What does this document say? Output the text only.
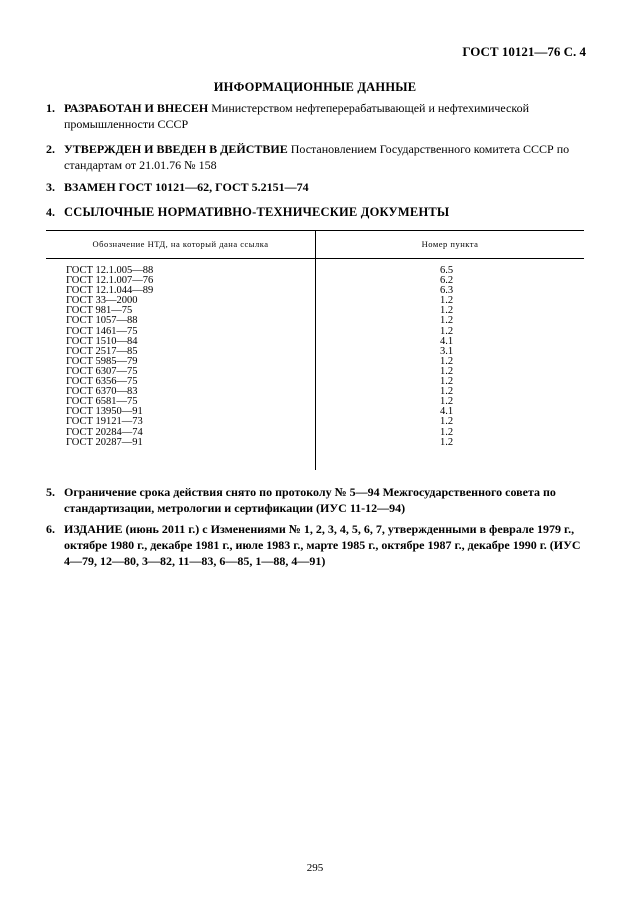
ГОСТ 10121—76 С. 4
ИНФОРМАЦИОННЫЕ ДАННЫЕ
1. РАЗРАБОТАН И ВНЕСЕН Министерством нефтеперерабатывающей и нефтехимической промышленности СССР
2. УТВЕРЖДЕН И ВВЕДЕН В ДЕЙСТВИЕ Постановлением Государственного комитета СССР по стандартам от 21.01.76 № 158
3. ВЗАМЕН ГОСТ 10121—62, ГОСТ 5.2151—74
4. ССЫЛОЧНЫЕ НОРМАТИВНО-ТЕХНИЧЕСКИЕ ДОКУМЕНТЫ
Обозначение НТД, на который дана ссылка	Номер пункта
ГОСТ 12.1.005—88	6.5
ГОСТ 12.1.007—76	6.2
ГОСТ 12.1.044—89	6.3
ГОСТ 33—2000	1.2
ГОСТ 981—75	1.2
ГОСТ 1057—88	1.2
ГОСТ 1461—75	1.2
ГОСТ 1510—84	4.1
ГОСТ 2517—85	3.1
ГОСТ 5985—79	1.2
ГОСТ 6307—75	1.2
ГОСТ 6356—75	1.2
ГОСТ 6370—83	1.2
ГОСТ 6581—75	1.2
ГОСТ 13950—91	4.1
ГОСТ 19121—73	1.2
ГОСТ 20284—74	1.2
ГОСТ 20287—91	1.2
5. Ограничение срока действия снято по протоколу № 5—94 Межгосударственного совета по стандартизации, метрологии и сертификации (ИУС 11-12—94)
6. ИЗДАНИЕ (июнь 2011 г.) с Изменениями № 1, 2, 3, 4, 5, 6, 7, утвержденными в феврале 1979 г., октябре 1980 г., декабре 1981 г., июле 1983 г., марте 1985 г., октябре 1987 г., декабре 1990 г. (ИУС 4—79, 12—80, 3—82, 11—83, 6—85, 1—88, 4—91)
295
